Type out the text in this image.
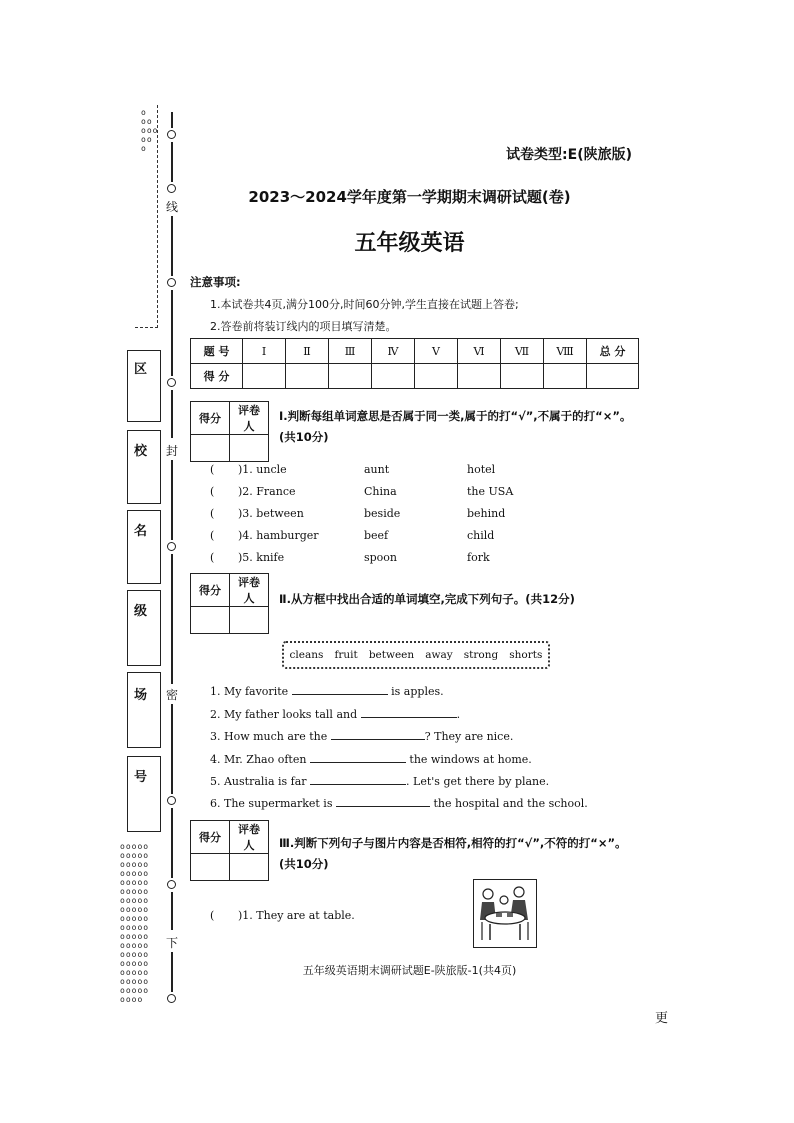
o
oo
ooo
oo
o
线
封
密
下
区
校
名
级
场
号
ooooo
ooooo
ooooo
ooooo
ooooo
ooooo
ooooo
ooooo
ooooo
ooooo
ooooo
ooooo
ooooo
ooooo
ooooo
ooooo
ooooo
oooo
试卷类型:E(陕旅版)
2023～2024学年度第一学期期末调研试题(卷)
五年级英语
注意事项:
1.本试卷共4页,满分100分,时间60分钟,学生直接在试题上答卷;
2.答卷前将装订线内的项目填写清楚。
题 号	Ⅰ	Ⅱ	Ⅲ	Ⅳ	Ⅴ	Ⅵ	Ⅶ	Ⅷ	总 分
得 分									
得分	评卷人

Ⅰ.判断每组单词意思是否属于同一类,属于的打“√”,不属于的打“×”。(共10分)
( )1. uncle	aunt	hotel
( )2. France	China	the USA
( )3. between	beside	behind
( )4. hamburger	beef	child
( )5. knife	spoon	fork
得分	评卷人
	Ⅱ.从方框中找出合适的单词填空,完成下列句子。(共12分)
cleans fruit between away strong shorts
1. My favorite	is apples.
2. My father looks tall and	.
3. How much are the	? They are nice.
4. Mr. Zhao often	the windows at home.
5. Australia is far	. Let's get there by plane.
6. The supermarket is	the hospital and the school.
得分	评卷人
	Ⅲ.判断下列句子与图片内容是否相符,相符的打“√”,不符的打“×”。(共10分)
( )1. They are at table.
五年级英语期末调研试题E-陕旅版-1(共4页)
更
